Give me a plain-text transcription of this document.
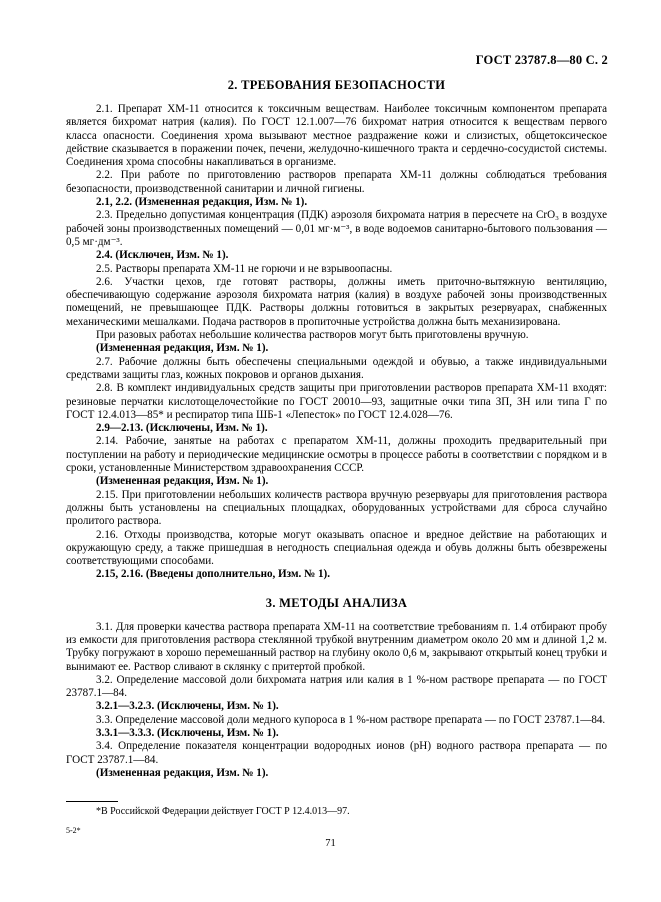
ГОСТ 23787.8—80 С. 2
2. ТРЕБОВАНИЯ БЕЗОПАСНОСТИ

2.1. Препарат ХМ-11 относится к токсичным веществам. Наиболее токсичным компонентом препарата является бихромат натрия (калия). По ГОСТ 12.1.007—76 бихромат натрия относится к веществам первого класса опасности. Соединения хрома вызывают местное раздражение кожи и слизистых, общетоксическое действие сказывается в поражении почек, печени, желудочно-кишечного тракта и сердечно-сосудистой системы. Соединения хрома способны накапливаться в организме.

2.2. При работе по приготовлению растворов препарата ХМ-11 должны соблюдаться требования безопасности, производственной санитарии и личной гигиены.

2.1, 2.2. (Измененная редакция, Изм. № 1).

2.3. Предельно допустимая концентрация (ПДК) аэрозоля бихромата натрия в пересчете на CrO₃ в воздухе рабочей зоны производственных помещений — 0,01 мг·м⁻³, в воде водоемов санитарно-бытового пользования — 0,5 мг·дм⁻³.

2.4. (Исключен, Изм. № 1).

2.5. Растворы препарата ХМ-11 не горючи и не взрывоопасны.

2.6. Участки цехов, где готовят растворы, должны иметь приточно-вытяжную вентиляцию, обеспечивающую содержание аэрозоля бихромата натрия (калия) в воздухе рабочей зоны производственных помещений, не превышающее ПДК. Растворы должны готовиться в закрытых резервуарах, снабженных механическими мешалками. Подача растворов в пропиточные устройства должна быть механизирована.

При разовых работах небольшие количества растворов могут быть приготовлены вручную.

(Измененная редакция, Изм. № 1).

2.7. Рабочие должны быть обеспечены специальными одеждой и обувью, а также индивидуальными средствами защиты глаз, кожных покровов и органов дыхания.

2.8. В комплект индивидуальных средств защиты при приготовлении растворов препарата ХМ-11 входят: резиновые перчатки кислотощелочестойкие по ГОСТ 20010—93, защитные очки типа ЗП, ЗН или типа Г по ГОСТ 12.4.013—85* и респиратор типа ШБ-1 «Лепесток» по ГОСТ 12.4.028—76.

2.9—2.13. (Исключены, Изм. № 1).

2.14. Рабочие, занятые на работах с препаратом ХМ-11, должны проходить предварительный при поступлении на работу и периодические медицинские осмотры в процессе работы в соответствии с порядком и в сроки, установленные Министерством здравоохранения СССР.

(Измененная редакция, Изм. № 1).

2.15. При приготовлении небольших количеств раствора вручную резервуары для приготовления раствора должны быть установлены на специальных площадках, оборудованных устройствами для сброса случайно пролитого раствора.

2.16. Отходы производства, которые могут оказывать опасное и вредное действие на работающих и окружающую среду, а также пришедшая в негодность специальная одежда и обувь должны быть обезврежены соответствующими способами.

2.15, 2.16. (Введены дополнительно, Изм. № 1).

3. МЕТОДЫ АНАЛИЗА

3.1. Для проверки качества раствора препарата ХМ-11 на соответствие требованиям п. 1.4 отбирают пробу из емкости для приготовления раствора стеклянной трубкой внутренним диаметром около 20 мм и длиной 1,2 м. Трубку погружают в хорошо перемешанный раствор на глубину около 0,6 м, закрывают открытый конец трубки и вынимают ее. Раствор сливают в склянку с притертой пробкой.

3.2. Определение массовой доли бихромата натрия или калия в 1 %-ном растворе препарата — по ГОСТ 23787.1—84.

3.2.1—3.2.3. (Исключены, Изм. № 1).

3.3. Определение массовой доли медного купороса в 1 %-ном растворе препарата — по ГОСТ 23787.1—84.

3.3.1—3.3.3. (Исключены, Изм. № 1).

3.4. Определение показателя концентрации водородных ионов (pH) водного раствора препарата — по ГОСТ 23787.1—84.

(Измененная редакция, Изм. № 1).

*В Российской Федерации действует ГОСТ Р 12.4.013—97.
5-2*
71
